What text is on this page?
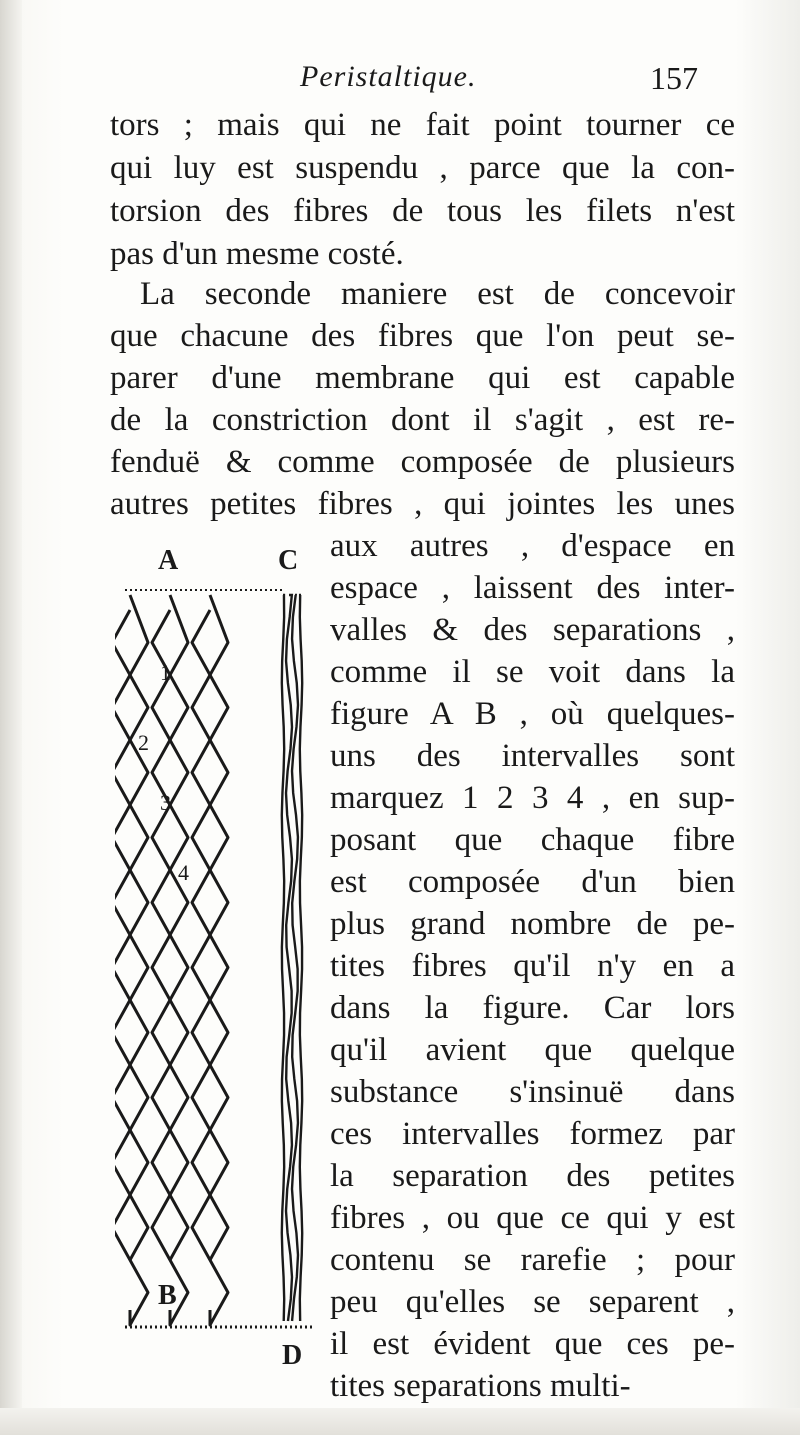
Peristaltique.	157
tors ; mais qui ne fait point tourner ce
qui luy est suspendu , parce que la con-
torsion des fibres de tous les filets n'est
pas d'un mesme costé.
La seconde maniere est de concevoir
que chacune des fibres que l'on peut se-
parer d'une membrane qui est capable
de la constriction dont il s'agit , est re-
fenduë & comme composée de plusieurs
autres petites fibres , qui jointes les unes
aux autres , d'espace en
espace , laissent des inter-
valles & des separations ,
comme il se voit dans la
figure A B , où quelques-
uns des intervalles sont
marquez 1 2 3 4 , en sup-
posant que chaque fibre
est composée d'un bien
plus grand nombre de pe-
tites fibres qu'il n'y en a
dans la figure. Car lors
qu'il avient que quelque
substance s'insinuë dans
ces intervalles formez par
la separation des petites
fibres , ou que ce qui y est
contenu se rarefie ; pour
peu qu'elles se separent ,
il est évident que ces pe-
tites separations multi-
A
B
C
D
1
2
3
4
